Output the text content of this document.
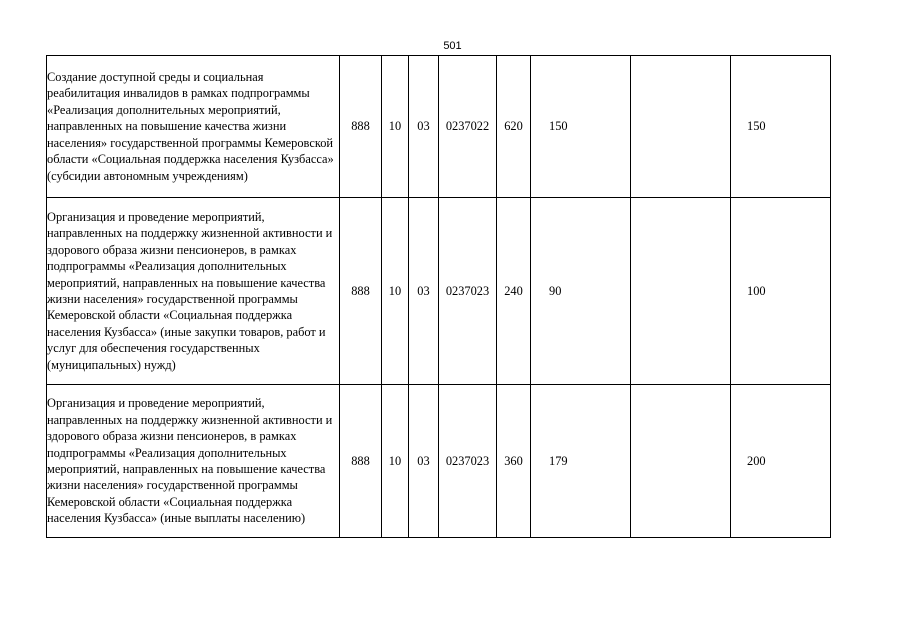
501
Создание доступной среды и социальная реабилитация инвалидов в рамках подпрограммы «Реализация дополнительных мероприятий, направленных на повышение качества жизни населения» государственной программы Кемеровской области «Социальная поддержка населения Кузбасса» (субсидии автономным учреждениям)	888	10	03	0237022	620	150		150
Организация и проведение мероприятий, направленных на поддержку жизненной активности и здорового образа жизни пенсионеров, в рамках подпрограммы «Реализация дополнительных мероприятий, направленных на повышение качества жизни населения» государственной программы Кемеровской области «Социальная поддержка населения Кузбасса» (иные закупки товаров, работ и услуг для обеспечения государственных (муниципальных) нужд)	888	10	03	0237023	240	90		100
Организация и проведение мероприятий, направленных на поддержку жизненной активности и здорового образа жизни пенсионеров, в рамках подпрограммы «Реализация дополнительных мероприятий, направленных на повышение качества жизни населения» государственной программы Кемеровской области «Социальная поддержка населения Кузбасса» (иные выплаты населению)	888	10	03	0237023	360	179		200
